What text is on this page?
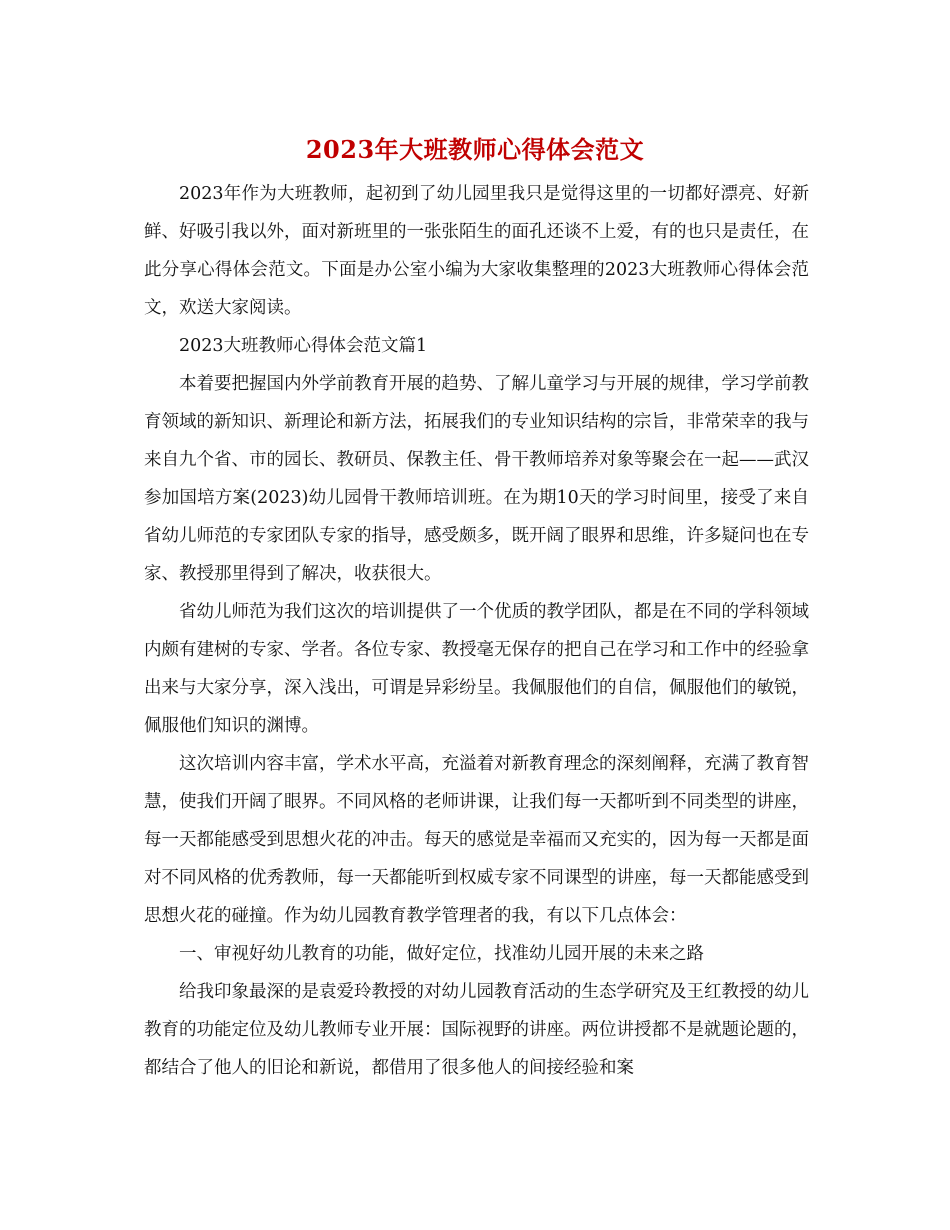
2023年大班教师心得体会范文

2023年作为大班教师，起初到了幼儿园里我只是觉得这里的一切都好漂亮、好新鲜、好吸引我以外，面对新班里的一张张陌生的面孔还谈不上爱，有的也只是责任，在此分享心得体会范文。下面是办公室小编为大家收集整理的2023大班教师心得体会范文，欢送大家阅读。

2023大班教师心得体会范文篇1

本着要把握国内外学前教育开展的趋势、了解儿童学习与开展的规律，学习学前教育领域的新知识、新理论和新方法，拓展我们的专业知识结构的宗旨，非常荣幸的我与来自九个省、市的园长、教研员、保教主任、骨干教师培养对象等聚会在一起——武汉参加国培方案(2023)幼儿园骨干教师培训班。在为期10天的学习时间里，接受了来自省幼儿师范的专家团队专家的指导，感受颇多，既开阔了眼界和思维，许多疑问也在专家、教授那里得到了解决，收获很大。

省幼儿师范为我们这次的培训提供了一个优质的教学团队，都是在不同的学科领域内颇有建树的专家、学者。各位专家、教授毫无保存的把自己在学习和工作中的经验拿出来与大家分享，深入浅出，可谓是异彩纷呈。我佩服他们的自信，佩服他们的敏锐，佩服他们知识的渊博。

这次培训内容丰富，学术水平高，充溢着对新教育理念的深刻阐释，充满了教育智慧，使我们开阔了眼界。不同风格的老师讲课，让我们每一天都听到不同类型的讲座，每一天都能感受到思想火花的冲击。每天的感觉是幸福而又充实的，因为每一天都是面对不同风格的优秀教师，每一天都能听到权威专家不同课型的讲座，每一天都能感受到思想火花的碰撞。作为幼儿园教育教学管理者的我，有以下几点体会：

一、审视好幼儿教育的功能，做好定位，找准幼儿园开展的未来之路

给我印象最深的是袁爱玲教授的对幼儿园教育活动的生态学研究及王红教授的幼儿教育的功能定位及幼儿教师专业开展：国际视野的讲座。两位讲授都不是就题论题的，都结合了他人的旧论和新说，都借用了很多他人的间接经验和案
